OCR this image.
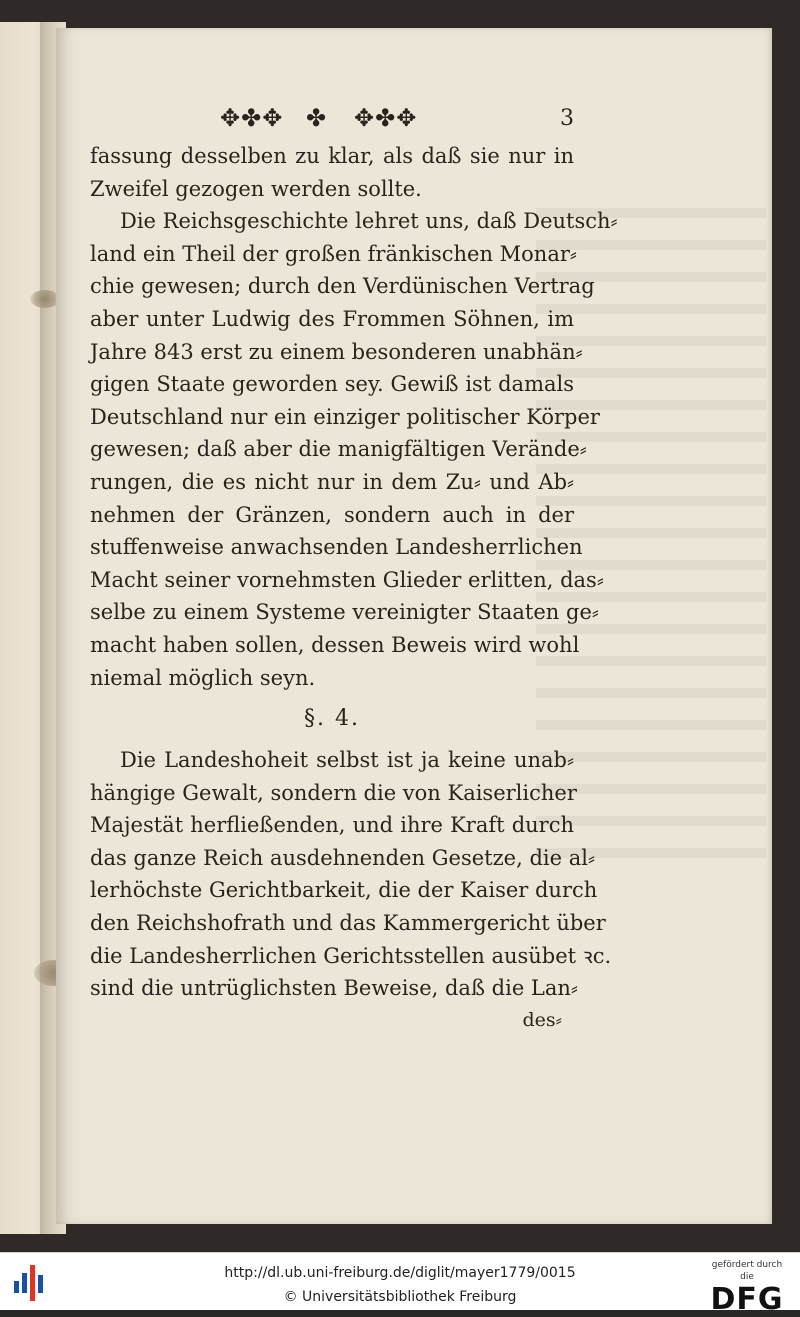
✥✤✥ ✤ ✥✤✥	3
fassung desselben zu klar, als daß sie nur in
Zweifel gezogen werden sollte.
Die Reichsgeschichte lehret uns, daß Deutsch⸗
land ein Theil der großen fränkischen Monar⸗
chie gewesen; durch den Verdünischen Vertrag
aber unter Ludwig des Frommen Söhnen, im
Jahre 843 erst zu einem besonderen unabhän⸗
gigen Staate geworden sey. Gewiß ist damals
Deutschland nur ein einziger politischer Körper
gewesen; daß aber die manigfältigen Verände⸗
rungen, die es nicht nur in dem Zu⸗ und Ab⸗
nehmen der Gränzen, sondern auch in der
stuffenweise anwachsenden Landesherrlichen
Macht seiner vornehmsten Glieder erlitten, das⸗
selbe zu einem Systeme vereinigter Staaten ge⸗
macht haben sollen, dessen Beweis wird wohl
niemal möglich seyn.
§. 4.
Die Landeshoheit selbst ist ja keine unab⸗
hängige Gewalt, sondern die von Kaiserlicher
Majestät herfließenden, und ihre Kraft durch
das ganze Reich ausdehnenden Gesetze, die al⸗
lerhöchste Gerichtbarkeit, die der Kaiser durch
den Reichshofrath und das Kammergericht über
die Landesherrlichen Gerichtsstellen ausübet ꝛc.
sind die untrüglichsten Beweise, daß die Lan⸗
des⸗
http://dl.ub.uni-freiburg.de/diglit/mayer1779/0015
© Universitätsbibliothek Freiburg
gefördert durch die
DFG
